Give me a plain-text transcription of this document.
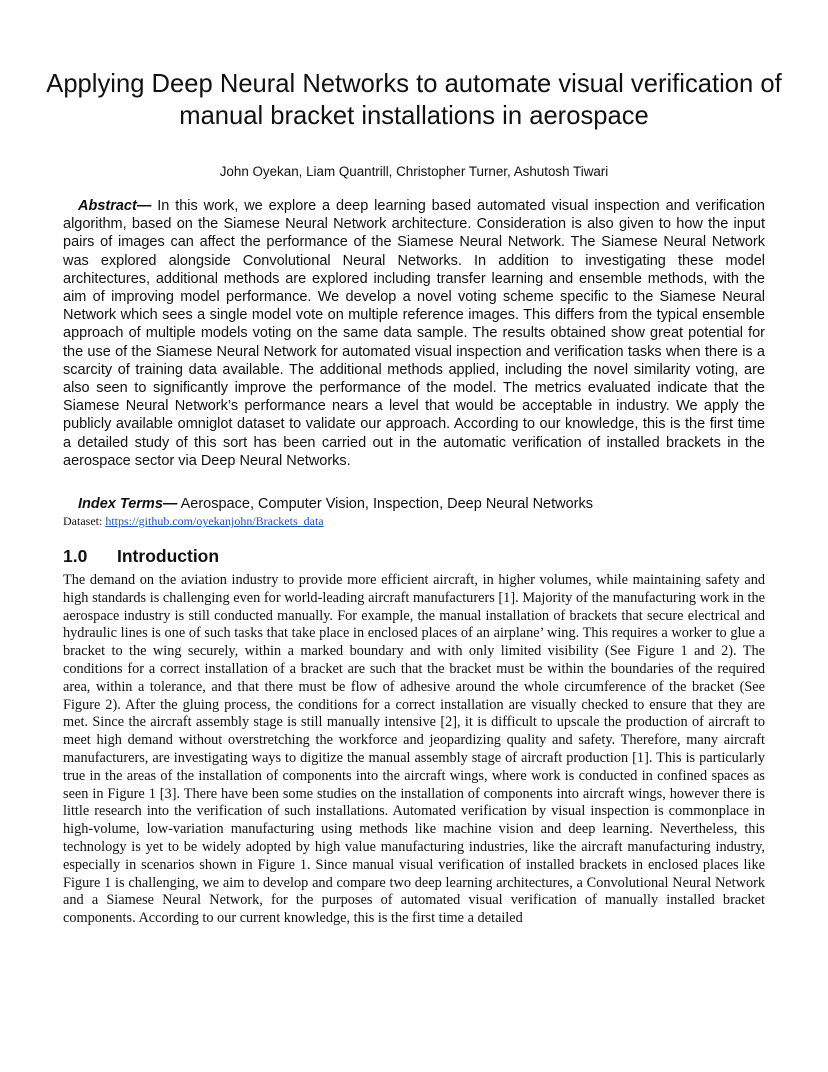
Applying Deep Neural Networks to automate visual verification of manual bracket installations in aerospace
John Oyekan, Liam Quantrill, Christopher Turner, Ashutosh Tiwari

Abstract— In this work, we explore a deep learning based automated visual inspection and verification algorithm, based on the Siamese Neural Network architecture. Consideration is also given to how the input pairs of images can affect the performance of the Siamese Neural Network. The Siamese Neural Network was explored alongside Convolutional Neural Networks. In addition to investigating these model architectures, additional methods are explored including transfer learning and ensemble methods, with the aim of improving model performance. We develop a novel voting scheme specific to the Siamese Neural Network which sees a single model vote on multiple reference images. This differs from the typical ensemble approach of multiple models voting on the same data sample. The results obtained show great potential for the use of the Siamese Neural Network for automated visual inspection and verification tasks when there is a scarcity of training data available. The additional methods applied, including the novel similarity voting, are also seen to significantly improve the performance of the model. The metrics evaluated indicate that the Siamese Neural Network’s performance nears a level that would be acceptable in industry. We apply the publicly available omniglot dataset to validate our approach. According to our knowledge, this is the first time a detailed study of this sort has been carried out in the automatic verification of installed brackets in the aerospace sector via Deep Neural Networks.

Index Terms— Aerospace, Computer Vision, Inspection, Deep Neural Networks
Dataset: https://github.com/oyekanjohn/Brackets_data
1.0 Introduction

The demand on the aviation industry to provide more efficient aircraft, in higher volumes, while maintaining safety and high standards is challenging even for world-leading aircraft manufacturers [1]. Majority of the manufacturing work in the aerospace industry is still conducted manually. For example, the manual installation of brackets that secure electrical and hydraulic lines is one of such tasks that take place in enclosed places of an airplane’ wing. This requires a worker to glue a bracket to the wing securely, within a marked boundary and with only limited visibility (See Figure 1 and 2). The conditions for a correct installation of a bracket are such that the bracket must be within the boundaries of the required area, within a tolerance, and that there must be flow of adhesive around the whole circumference of the bracket (See Figure 2). After the gluing process, the conditions for a correct installation are visually checked to ensure that they are met. Since the aircraft assembly stage is still manually intensive [2], it is difficult to upscale the production of aircraft to meet high demand without overstretching the workforce and jeopardizing quality and safety. Therefore, many aircraft manufacturers, are investigating ways to digitize the manual assembly stage of aircraft production [1]. This is particularly true in the areas of the installation of components into the aircraft wings, where work is conducted in confined spaces as seen in Figure 1 [3]. There have been some studies on the installation of components into aircraft wings, however there is little research into the verification of such installations. Automated verification by visual inspection is commonplace in high-volume, low-variation manufacturing using methods like machine vision and deep learning. Nevertheless, this technology is yet to be widely adopted by high value manufacturing industries, like the aircraft manufacturing industry, especially in scenarios shown in Figure 1. Since manual visual verification of installed brackets in enclosed places like Figure 1 is challenging, we aim to develop and compare two deep learning architectures, a Convolutional Neural Network and a Siamese Neural Network, for the purposes of automated visual verification of manually installed bracket components. According to our current knowledge, this is the first time a detailed
